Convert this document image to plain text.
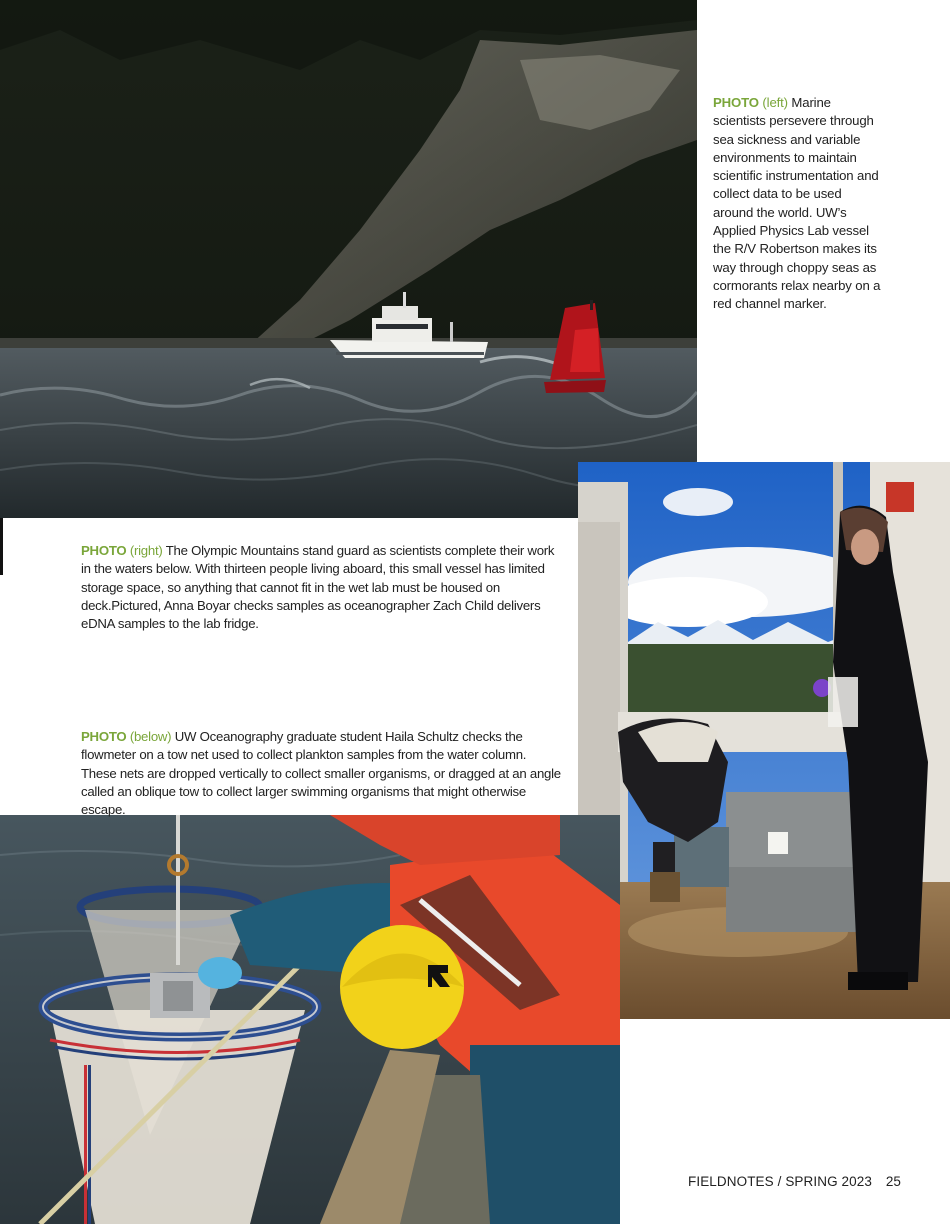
PHOTO (left) Marine scientists persevere through sea sickness and variable environments to maintain scientific instrumentation and collect data to be used around the world. UW’s Applied Physics Lab vessel the R/V Robertson makes its way through choppy seas as cormorants relax nearby on a red channel marker.
PHOTO (right) The Olympic Mountains stand guard as scientists complete their work in the waters below. With thirteen people living aboard, this small vessel has limited storage space, so anything that cannot fit in the wet lab must be housed on deck.Pictured, Anna Boyar checks samples as oceanographer Zach Child delivers eDNA samples to the lab fridge.
PHOTO (below) UW Oceanography graduate student Haila Schultz checks the flowmeter on a tow net used to collect plankton samples from the water column. These nets are dropped vertically to collect smaller organisms, or dragged at an angle called an oblique tow to collect larger swimming organisms that might otherwise escape.
FIELDNOTES / SPRING 2023 25
